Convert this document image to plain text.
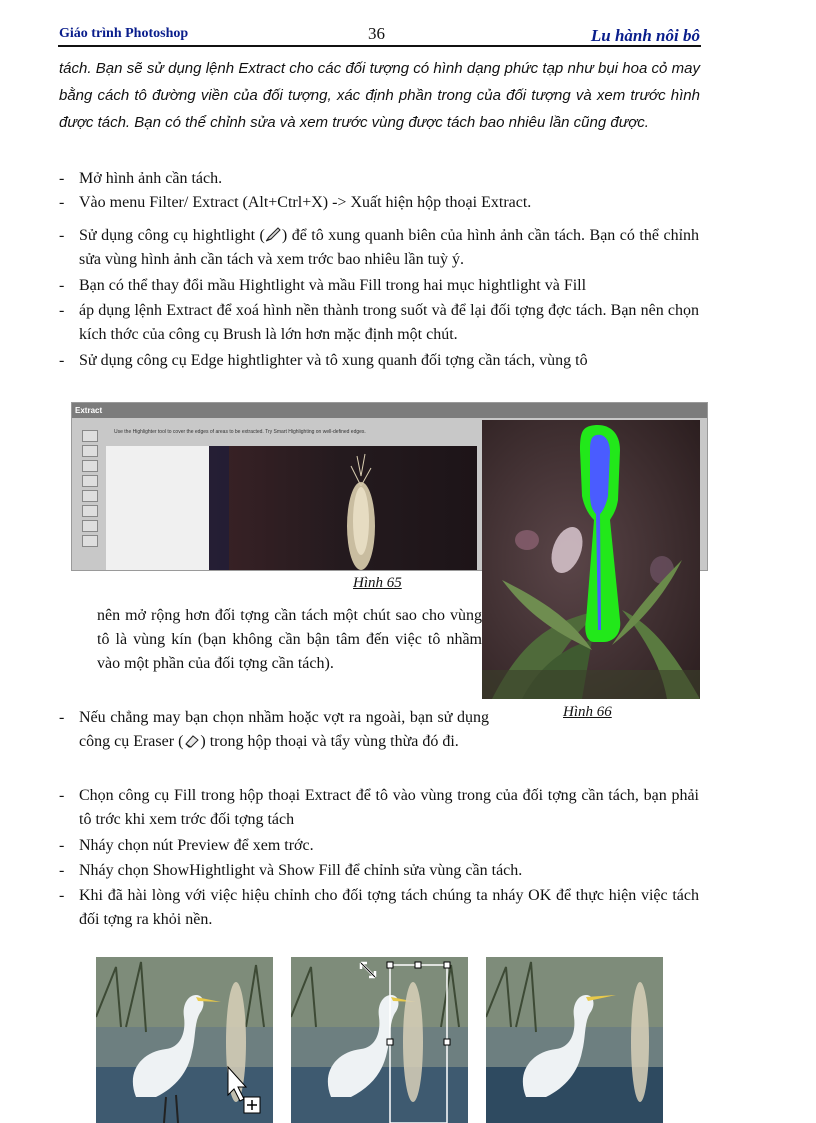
Giáo trình Photoshop	36	Lu hành nôi bô
tách. Bạn sẽ sử dụng lệnh Extract cho các đối tượng có hình dạng phức tạp như bụi hoa cỏ may bằng cách tô đường viền của đối tượng, xác định phần trong của đối tượng và xem trước hình được tách. Bạn có thể chỉnh sửa và xem trước vùng được tách bao nhiêu lần cũng được.
- Mở hình ảnh cần tách.
- Vào menu Filter/ Extract (Alt+Ctrl+X) -> Xuất hiện hộp thoại Extract.
- Sử dụng công cụ hightlight ( ) để tô xung quanh biên của hình ảnh cần tách. Bạn có thể chỉnh sửa vùng hình ảnh cần tách và xem trớc bao nhiêu lần tuỳ ý.
- Bạn có thể thay đổi mầu Hightlight và mầu Fill trong hai mục hightlight và Fill
- áp dụng lệnh Extract để xoá hình nền thành trong suốt và để lại đối tợng đợc tách. Bạn nên chọn kích thớc của công cụ Brush là lớn hơn mặc định một chút.
- Sử dụng công cụ Edge hightlighter và tô xung quanh đối tợng cần tách, vùng tô
Extract
Use the Highlighter tool to cover the edges of areas to be extracted. Try Smart Highlighting on well-defined edges.
Hình 65
Hình 66
nên mở rộng hơn đối tợng cần tách một chút sao cho vùng tô là vùng kín (bạn không cần bận tâm đến việc tô nhầm vào một phần của đối tợng cần tách).
- Nếu chẳng may bạn chọn nhầm hoặc vợt ra ngoài, bạn sử dụng công cụ Eraser ( ) trong hộp thoại và tẩy vùng thừa đó đi.
- Chọn công cụ Fill trong hộp thoại Extract để tô vào vùng trong của đối tợng cần tách, bạn phải tô trớc khi xem trớc đối tợng tách
- Nháy chọn nút Preview để xem trớc.
- Nháy chọn ShowHightlight và Show Fill để chỉnh sửa vùng cần tách.
- Khi đã hài lòng với việc hiệu chỉnh cho đối tợng tách chúng ta nháy OK để thực hiện việc tách đối tợng ra khỏi nền.
